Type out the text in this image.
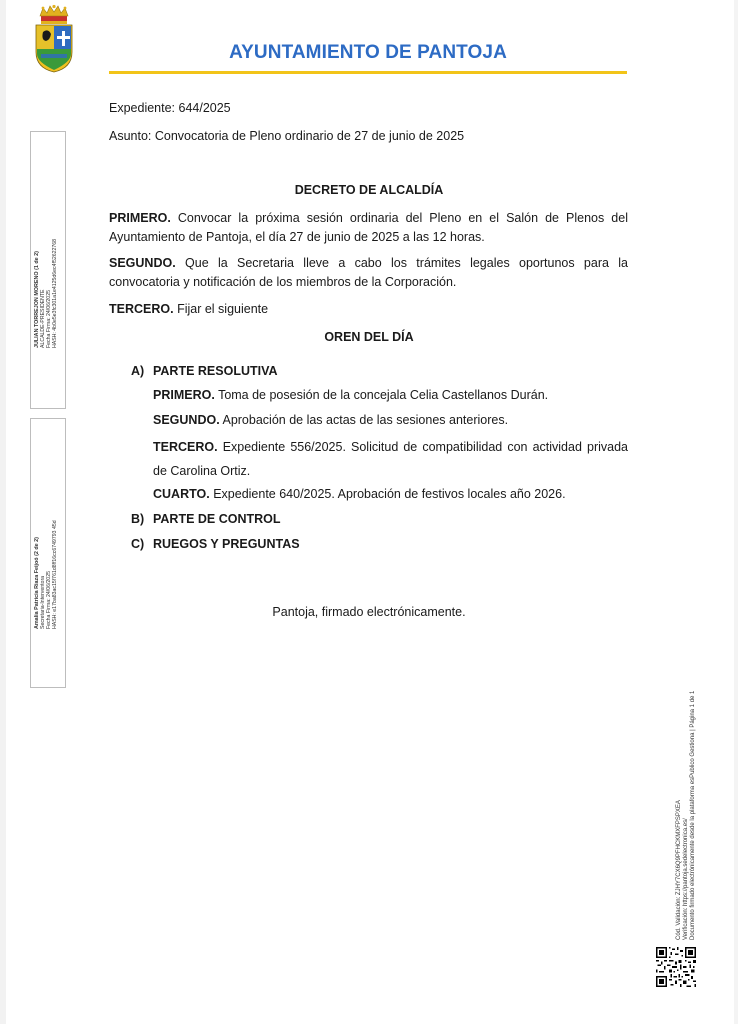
AYUNTAMIENTO DE PANTOJA
Expediente: 644/2025
Asunto: Convocatoria de Pleno ordinario de 27 de junio de 2025
DECRETO DE ALCALDÍA
PRIMERO. Convocar la próxima sesión ordinaria del Pleno en el Salón de Plenos del Ayuntamiento de Pantoja, el día 27 de junio de 2025 a las 12 horas.
SEGUNDO. Que la Secretaria lleve a cabo los trámites legales oportunos para la convocatoria y notificación de los miembros de la Corporación.
TERCERO. Fijar el siguiente
OREN DEL DÍA
A) PARTE RESOLUTIVA
PRIMERO. Toma de posesión de la concejala Celia Castellanos Durán.
SEGUNDO. Aprobación de las actas de las sesiones anteriores.
TERCERO. Expediente 556/2025. Solicitud de compatibilidad con actividad privada de Carolina Ortiz.
CUARTO. Expediente 640/2025. Aprobación de festivos locales año 2026.
B) PARTE DE CONTROL
C) RUEGOS Y PREGUNTAS
Pantoja, firmado electrónicamente.
JULIAN TORREJON MORENO (1 de 2) ALCALDE-PRESIDENTE Fecha Firma: 24/06/2025 HASH: 4b0e5e3fc301a1e4125d6ec4f52622768
Amalia Patricia Riaza Feijoó (2 de 2) Secretaria-Interventora Fecha Firma: 24/06/2025 HASH: e17ba83ac15f761d8ff16cc6749793 45d
Cód. Validación: ZJHY7CX6Q9PFHCKMXFPSPXEA Verificación: https://pantoja.sedelectronica.es/ Documento firmado electrónicamente desde la plataforma esPublico Gestiona | Página 1 de 1
